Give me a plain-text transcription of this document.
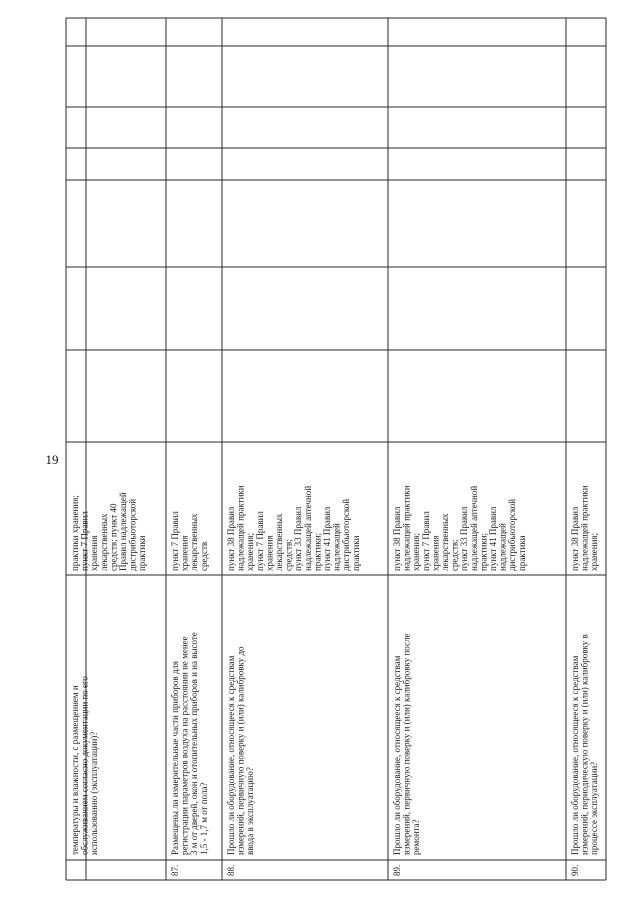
температуры и влажности, с размещением и обслуживанием согласно документации по его использованию (эксплуатации)?
практики хранения; пункт 7 Правил хранения лекарственных средств; пункт 40 Правил надлежащей дистрибьюторской практики
87.
Размещены ли измерительные части приборов для регистрации параметров воздуха на расстоянии не менее 3 м от дверей, окон и отопительных приборов и на высоте 1,5 - 1,7 м от пола?
пункт 7 Правил хранения лекарственных средств
88.
Прошло ли оборудование, относящееся к средствам измерений, первичную поверку и (или) калибровку до ввода в эксплуатацию?
пункт 38 Правил надлежащей практики хранения; пункт 7 Правил хранения лекарственных средств; пункт 33 Правил надлежащей аптечной практики; пункт 41 Правил надлежащей дистрибьюторской практики
89.
Прошло ли оборудование, относящееся к средствам измерений, первичную поверку и (или) калибровку после ремонта?
пункт 38 Правил надлежащей практики хранения; пункт 7 Правил хранения лекарственных средств; пункт 33 Правил надлежащей аптечной практики; пункт 41 Правил надлежащей дистрибьюторской практики
90.
Прошло ли оборудование, относящееся к средствам измерений, периодическую поверку и (или) калибровку в процессе эксплуатации?
пункт 38 Правил надлежащей практики хранения;
19
